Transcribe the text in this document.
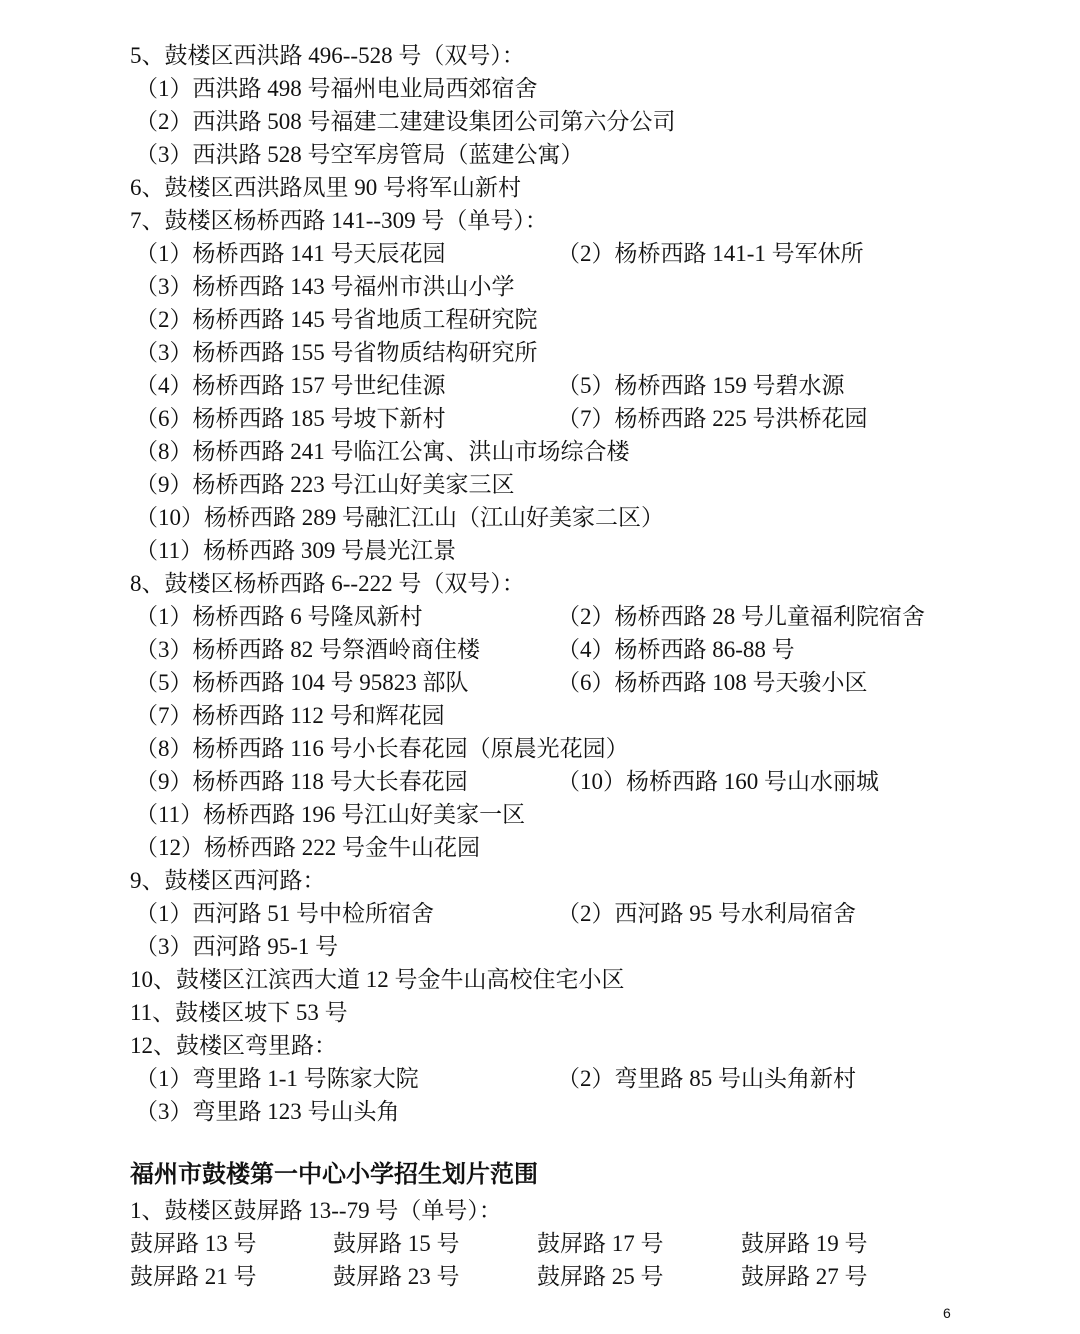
福州市鼓楼第一中心小学招生划片范围
6
5、鼓楼区西洪路 496--528 号（双号）：
（1）西洪路 498 号福州电业局西郊宿舍
（2）西洪路 508 号福建二建建设集团公司第六分公司
（3）西洪路 528 号空军房管局（蓝建公寓）
6、鼓楼区西洪路凤里 90 号将军山新村
7、鼓楼区杨桥西路 141--309 号（单号）：
（1）杨桥西路 141 号天辰花园	（2）杨桥西路 141-1 号军休所
（3）杨桥西路 143 号福州市洪山小学
（2）杨桥西路 145 号省地质工程研究院
（3）杨桥西路 155 号省物质结构研究所
（4）杨桥西路 157 号世纪佳源	（5）杨桥西路 159 号碧水源
（6）杨桥西路 185 号坡下新村	（7）杨桥西路 225 号洪桥花园
（8）杨桥西路 241 号临江公寓、洪山市场综合楼
（9）杨桥西路 223 号江山好美家三区
（10）杨桥西路 289 号融汇江山（江山好美家二区）
（11）杨桥西路 309 号晨光江景
8、鼓楼区杨桥西路 6--222 号（双号）：
（1）杨桥西路 6 号隆凤新村	（2）杨桥西路 28 号儿童福利院宿舍
（3）杨桥西路 82 号祭酒岭商住楼	（4）杨桥西路 86-88 号
（5）杨桥西路 104 号 95823 部队	（6）杨桥西路 108 号天骏小区
（7）杨桥西路 112 号和辉花园
（8）杨桥西路 116 号小长春花园（原晨光花园）
（9）杨桥西路 118 号大长春花园	（10）杨桥西路 160 号山水丽城
（11）杨桥西路 196 号江山好美家一区
（12）杨桥西路 222 号金牛山花园
9、鼓楼区西河路：
（1）西河路 51 号中检所宿舍	（2）西河路 95 号水利局宿舍
（3）西河路 95-1 号
10、鼓楼区江滨西大道 12 号金牛山高校住宅小区
11、鼓楼区坡下 53 号
12、鼓楼区弯里路：
（1）弯里路 1-1 号陈家大院	（2）弯里路 85 号山头角新村
（3）弯里路 123 号山头角
1、鼓楼区鼓屏路 13--79 号（单号）：
鼓屏路 13 号	鼓屏路 15 号	鼓屏路 17 号	鼓屏路 19 号
鼓屏路 21 号	鼓屏路 23 号	鼓屏路 25 号	鼓屏路 27 号
